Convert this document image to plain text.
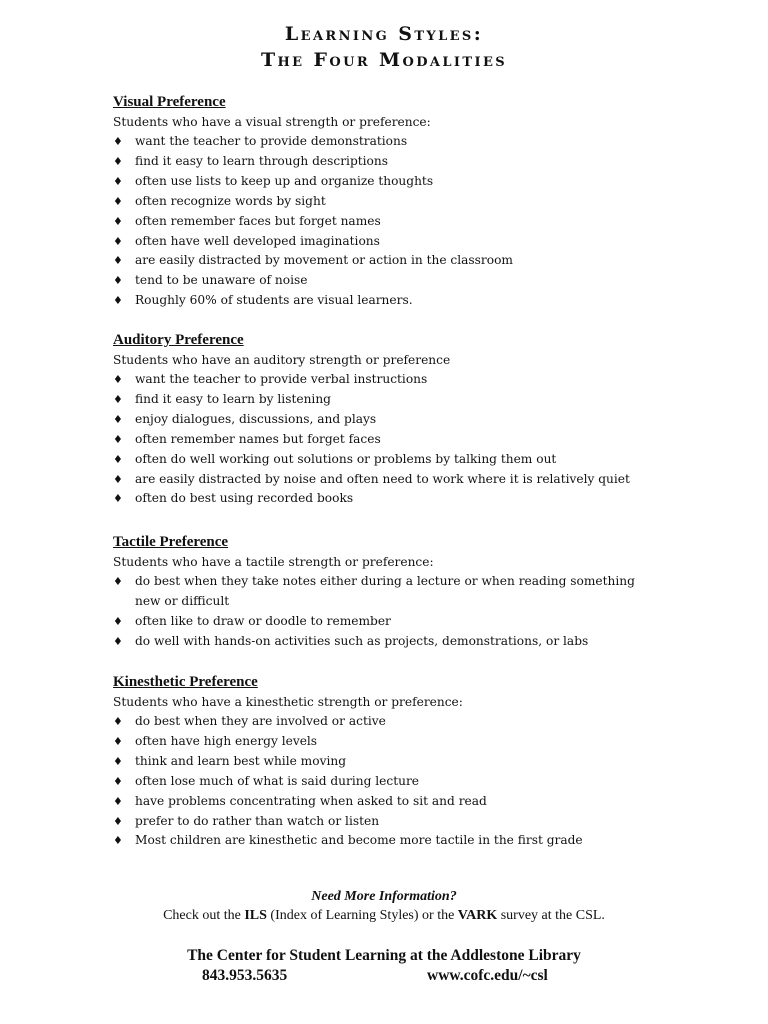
Learning Styles:
The Four Modalities
Visual Preference
Students who have a visual strength or preference:
♦ want the teacher to provide demonstrations
♦ find it easy to learn through descriptions
♦ often use lists to keep up and organize thoughts
♦ often recognize words by sight
♦ often remember faces but forget names
♦ often have well developed imaginations
♦ are easily distracted by movement or action in the classroom
♦ tend to be unaware of noise
♦ Roughly 60% of students are visual learners.
Auditory Preference
Students who have an auditory strength or preference
♦ want the teacher to provide verbal instructions
♦ find it easy to learn by listening
♦ enjoy dialogues, discussions, and plays
♦ often remember names but forget faces
♦ often do well working out solutions or problems by talking them out
♦ are easily distracted by noise and often need to work where it is relatively quiet
♦ often do best using recorded books
Tactile Preference
Students who have a tactile strength or preference:
♦ do best when they take notes either during a lecture or when reading something new or difficult
♦ often like to draw or doodle to remember
♦ do well with hands-on activities such as projects, demonstrations, or labs
Kinesthetic Preference
Students who have a kinesthetic strength or preference:
♦ do best when they are involved or active
♦ often have high energy levels
♦ think and learn best while moving
♦ often lose much of what is said during lecture
♦ have problems concentrating when asked to sit and read
♦ prefer to do rather than watch or listen
♦ Most children are kinesthetic and become more tactile in the first grade
Need More Information?
Check out the ILS (Index of Learning Styles) or the VARK survey at the CSL.
The Center for Student Learning at the Addlestone Library
843.953.5635	www.cofc.edu/~csl
